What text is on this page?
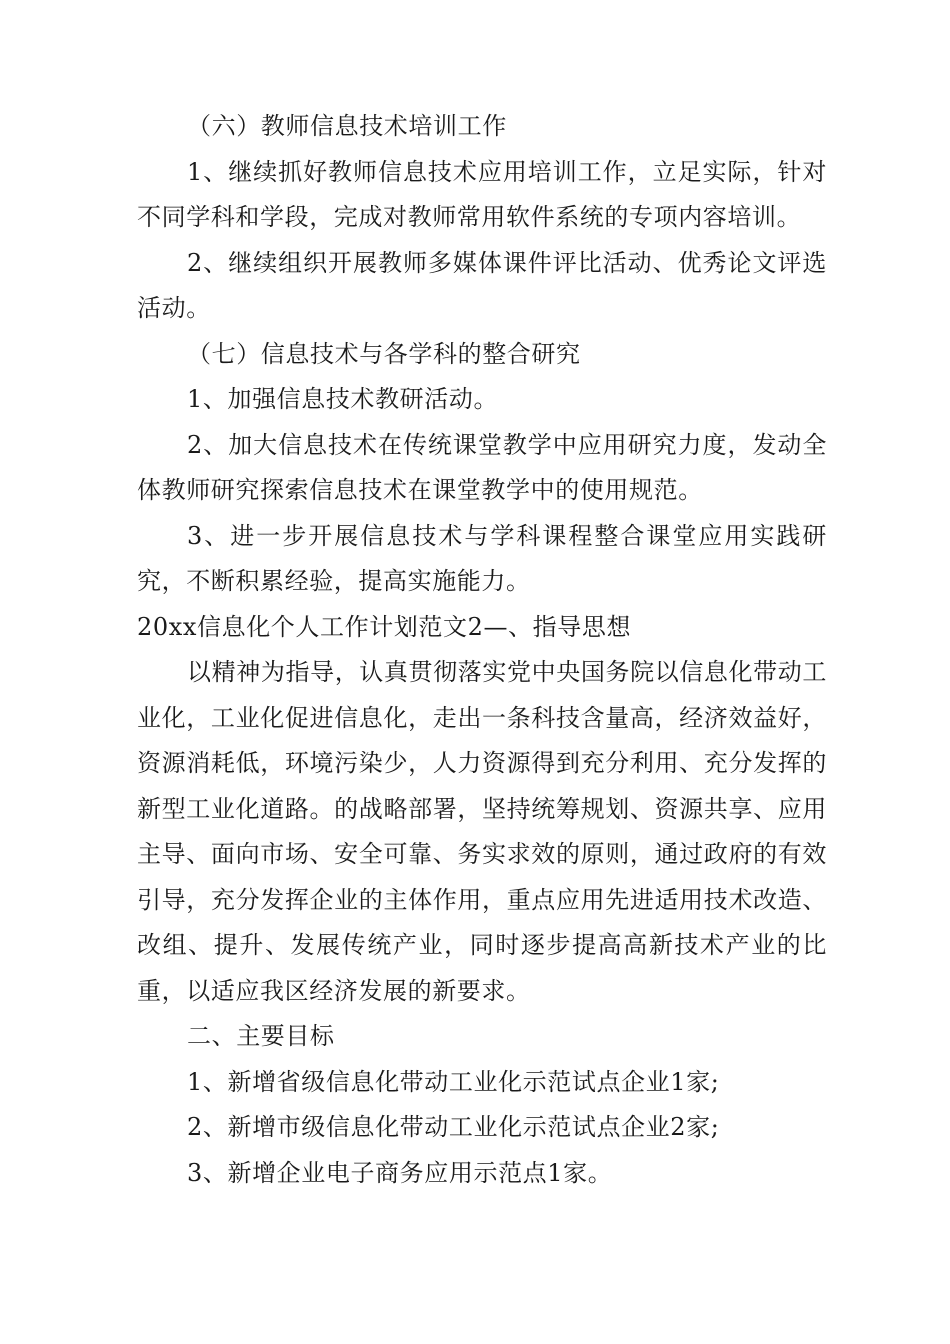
（六）教师信息技术培训工作

1、继续抓好教师信息技术应用培训工作，立足实际，针对不同学科和学段，完成对教师常用软件系统的专项内容培训。

2、继续组织开展教师多媒体课件评比活动、优秀论文评选活动。

（七）信息技术与各学科的整合研究

1、加强信息技术教研活动。

2、加大信息技术在传统课堂教学中应用研究力度，发动全体教师研究探索信息技术在课堂教学中的使用规范。

3、进一步开展信息技术与学科课程整合课堂应用实践研究，不断积累经验，提高实施能力。

20xx信息化个人工作计划范文2—、指导思想

以精神为指导，认真贯彻落实党中央国务院以信息化带动工业化，工业化促进信息化，走出一条科技含量高，经济效益好，资源消耗低，环境污染少，人力资源得到充分利用、充分发挥的新型工业化道路。的战略部署，坚持统筹规划、资源共享、应用主导、面向市场、安全可靠、务实求效的原则，通过政府的有效引导，充分发挥企业的主体作用，重点应用先进适用技术改造、改组、提升、发展传统产业，同时逐步提高高新技术产业的比重，以适应我区经济发展的新要求。

二、主要目标

1、新增省级信息化带动工业化示范试点企业1家;

2、新增市级信息化带动工业化示范试点企业2家;

3、新增企业电子商务应用示范点1家。
